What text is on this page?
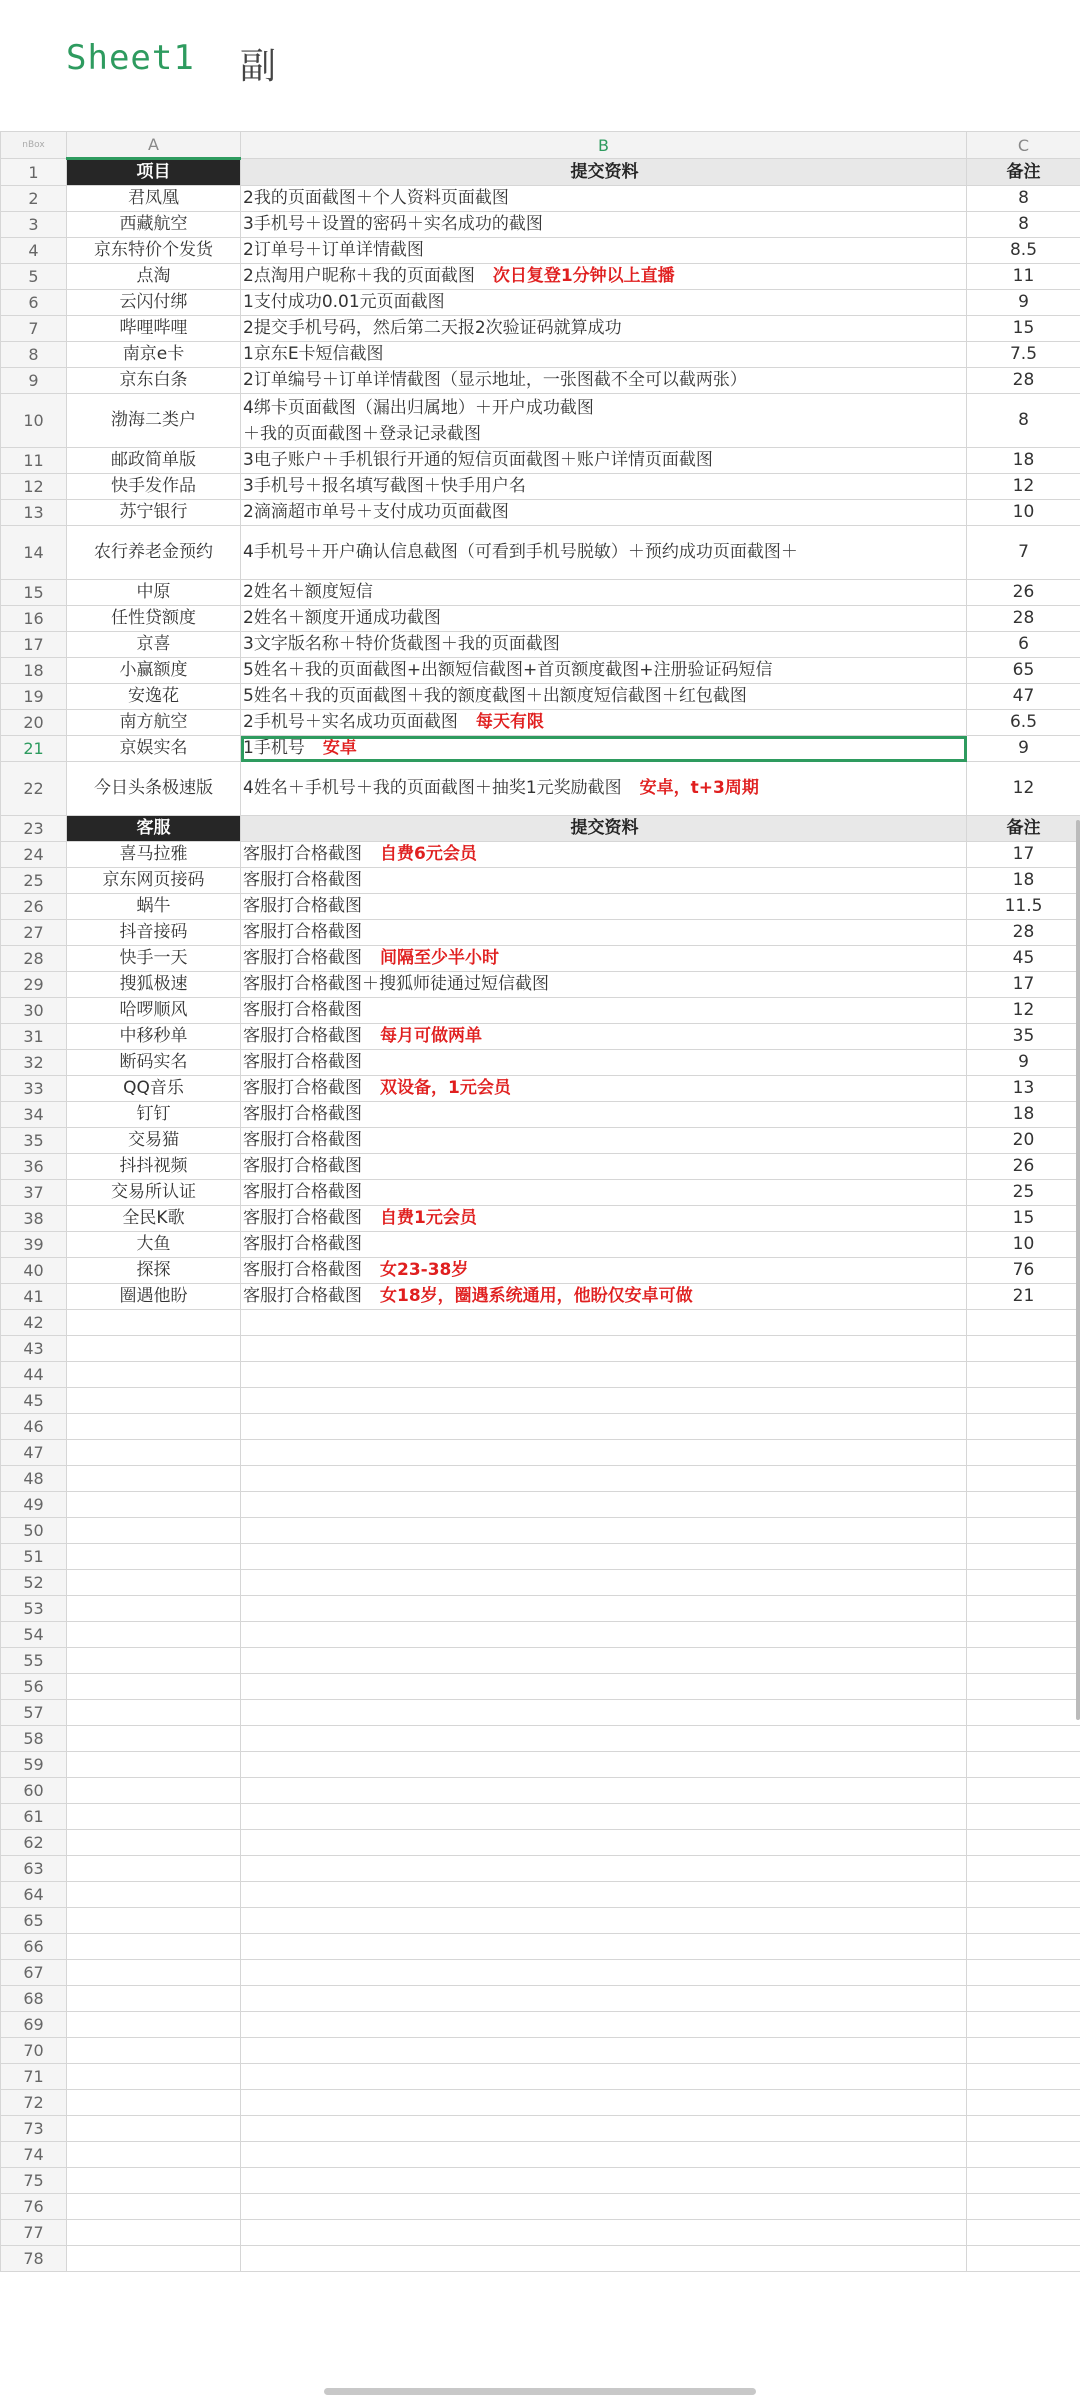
Sheet1 副
nBox	A	B	C
1	项目	提交资料	备注
2	君凤凰	2我的页面截图＋个人资料页面截图	8
3	西藏航空	3手机号＋设置的密码＋实名成功的截图	8
4	京东特价个发货	2订单号＋订单详情截图	8.5
5	点淘	2点淘用户昵称＋我的页面截图 次日复登1分钟以上直播	11
6	云闪付绑	1支付成功0.01元页面截图	9
7	哔哩哔哩	2提交手机号码，然后第二天报2次验证码就算成功	15
8	南京e卡	1京东E卡短信截图	7.5
9	京东白条	2订单编号＋订单详情截图（显示地址，一张图截不全可以截两张）	28
10	渤海二类户	4绑卡页面截图（漏出归属地）＋开户成功截图
＋我的页面截图＋登录记录截图	8
11	邮政简单版	3电子账户＋手机银行开通的短信页面截图＋账户详情页面截图	18
12	快手发作品	3手机号＋报名填写截图＋快手用户名	12
13	苏宁银行	2滴滴超市单号＋支付成功页面截图	10
14	农行养老金预约	4手机号＋开户确认信息截图（可看到手机号脱敏）＋预约成功页面截图＋	7
15	中原	2姓名＋额度短信	26
16	任性贷额度	2姓名＋额度开通成功截图	28
17	京喜	3文字版名称＋特价货截图＋我的页面截图	6
18	小赢额度	5姓名＋我的页面截图+出额短信截图+首页额度截图+注册验证码短信	65
19	安逸花	5姓名＋我的页面截图＋我的额度截图＋出额度短信截图＋红包截图	47
20	南方航空	2手机号＋实名成功页面截图 每天有限	6.5
21	京娱实名	1手机号 安卓	9
22	今日头条极速版	4姓名＋手机号＋我的页面截图＋抽奖1元奖励截图 安卓，t+3周期	12
23	客服	提交资料	备注
24	喜马拉雅	客服打合格截图 自费6元会员	17
25	京东网页接码	客服打合格截图	18
26	蜗牛	客服打合格截图	11.5
27	抖音接码	客服打合格截图	28
28	快手一天	客服打合格截图 间隔至少半小时	45
29	搜狐极速	客服打合格截图＋搜狐师徒通过短信截图	17
30	哈啰顺风	客服打合格截图	12
31	中移秒单	客服打合格截图 每月可做两单	35
32	断码实名	客服打合格截图	9
33	QQ音乐	客服打合格截图 双设备，1元会员	13
34	钉钉	客服打合格截图	18
35	交易猫	客服打合格截图	20
36	抖抖视频	客服打合格截图	26
37	交易所认证	客服打合格截图	25
38	全民K歌	客服打合格截图 自费1元会员	15
39	大鱼	客服打合格截图	10
40	探探	客服打合格截图 女23-38岁	76
41	圈遇他盼	客服打合格截图 女18岁，圈遇系统通用，他盼仅安卓可做	21
42			
43			
44			
45			
46			
47			
48			
49			
50			
51			
52			
53			
54			
55			
56			
57			
58			
59			
60			
61			
62			
63			
64			
65			
66			
67			
68			
69			
70			
71			
72			
73			
74			
75			
76			
77			
78			
